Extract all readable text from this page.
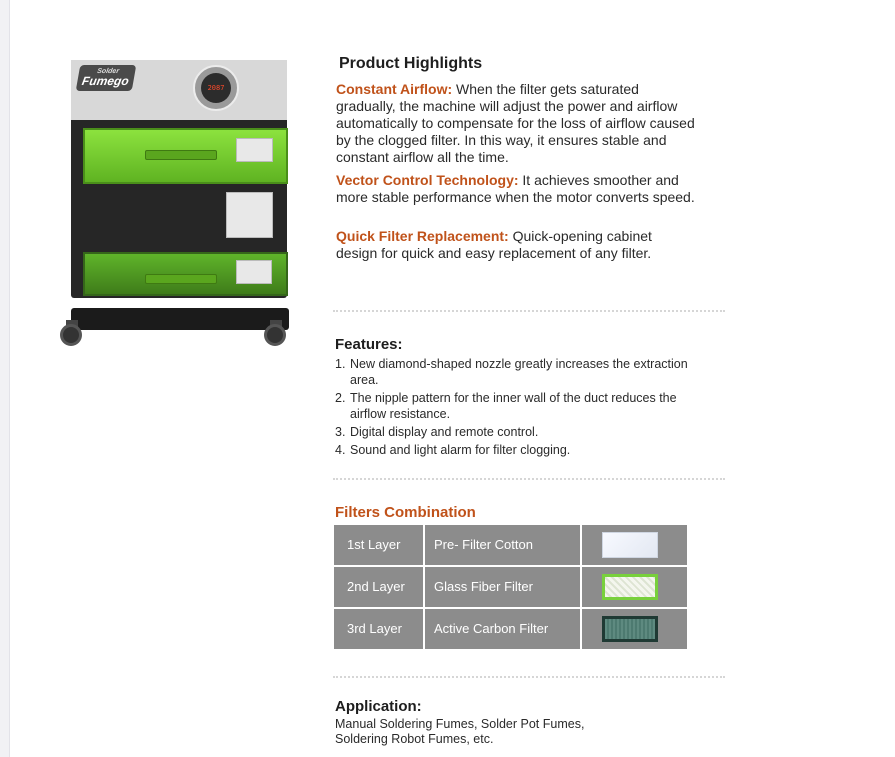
Solder
Fumego	2087
Product Highlights
Constant Airflow: When the filter gets saturated gradually, the machine will adjust the power and airflow automatically to compensate for the loss of airflow caused by the clogged filter. In this way, it ensures stable and constant airflow all the time.
Vector Control Technology: It achieves smoother and more stable performance when the motor converts speed.
Quick Filter Replacement: Quick-opening cabinet design for quick and easy replacement of any filter.
Features:
1. New diamond-shaped nozzle greatly increases the extraction area.
2. The nipple pattern for the inner wall of the duct reduces the airflow resistance.
3. Digital display and remote control.
4. Sound and light alarm for filter clogging.
Filters Combination
1st Layer	Pre- Filter Cotton
2nd Layer	Glass Fiber Filter
3rd Layer	Active Carbon Filter
Application:
Manual Soldering Fumes, Solder Pot Fumes,
Soldering Robot Fumes, etc.
